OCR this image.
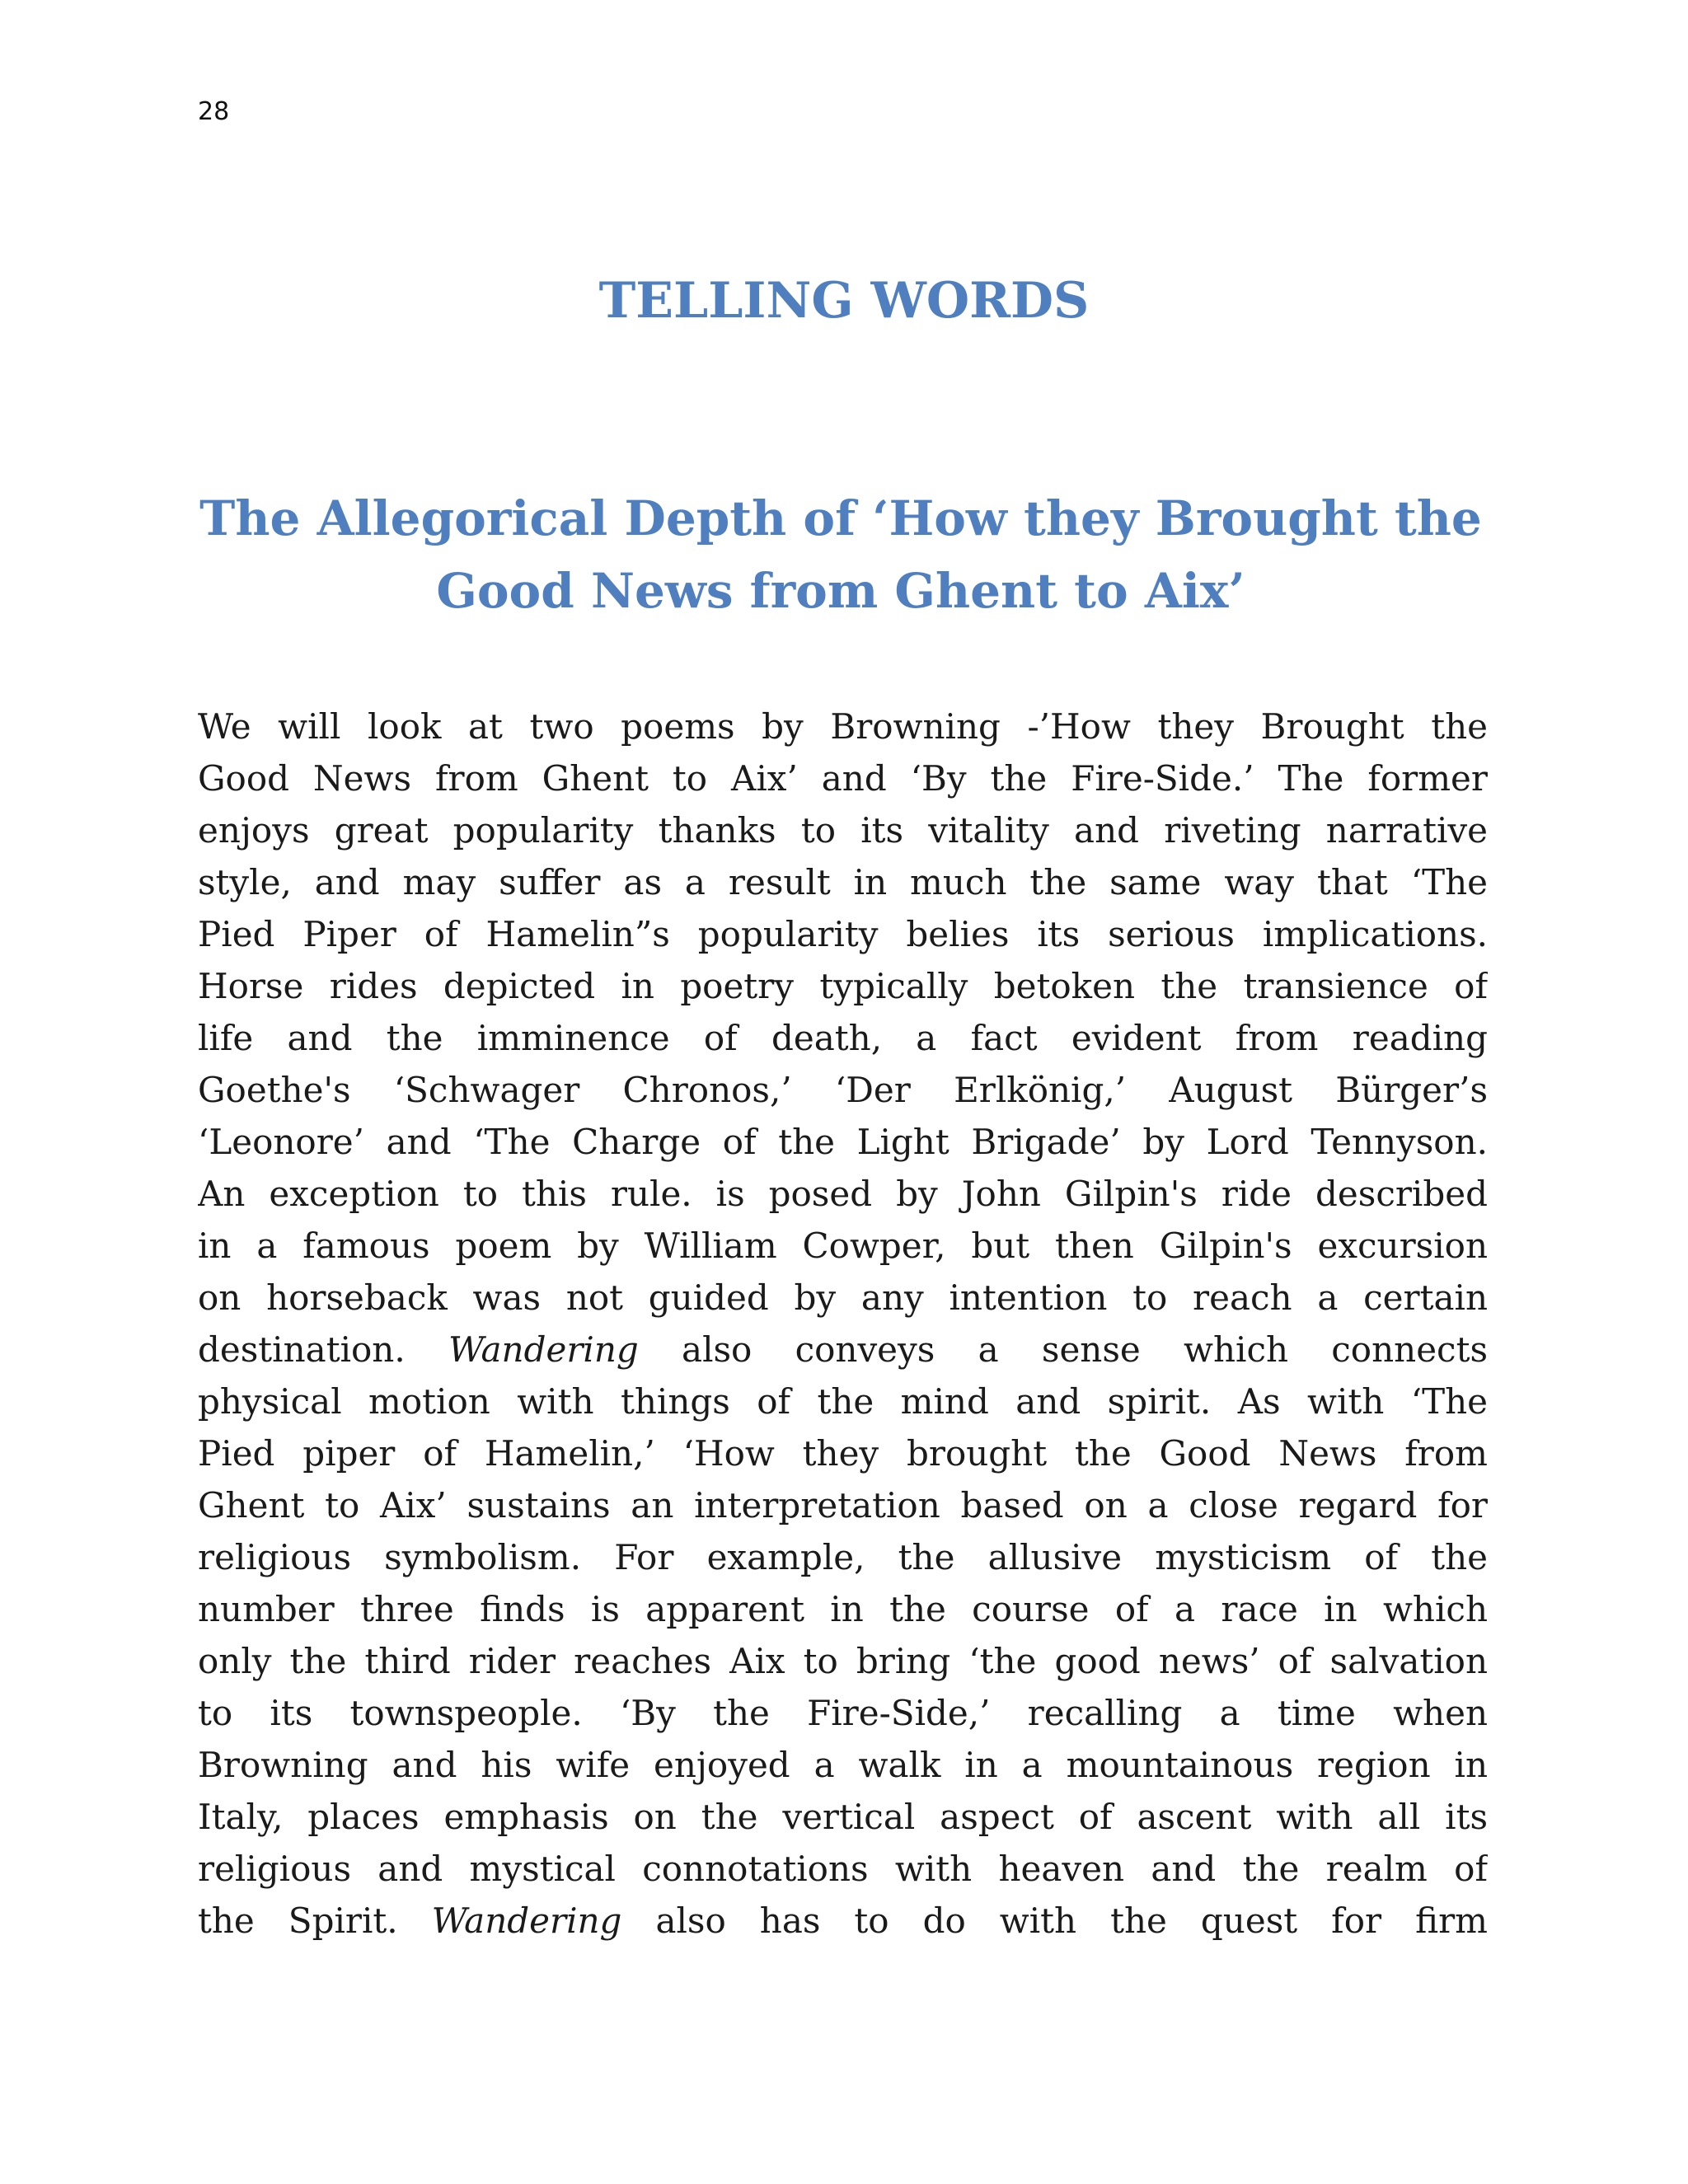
28

TELLING WORDS
The Allegorical Depth of ‘How they Brought the
Good News from Ghent to Aix’
We will look at two poems by Browning -’How they Brought the
Good News from Ghent to Aix’ and ‘By the Fire-Side.’ The former
enjoys great popularity thanks to its vitality and riveting narrative
style, and may suffer as a result in much the same way that ‘The
Pied Piper of Hamelin”s popularity belies its serious implications.
Horse rides depicted in poetry typically betoken the transience of
life and the imminence of death, a fact evident from reading
Goethe's ‘Schwager Chronos,’ ‘Der Erlkönig,’ August Bürger’s
‘Leonore’ and ‘The Charge of the Light Brigade’ by Lord Tennyson.
An exception to this rule. is posed by John Gilpin's ride described
in a famous poem by William Cowper, but then Gilpin's excursion
on horseback was not guided by any intention to reach a certain
destination. Wandering also conveys a sense which connects
physical motion with things of the mind and spirit. As with ‘The
Pied piper of Hamelin,’ ‘How they brought the Good News from
Ghent to Aix’ sustains an interpretation based on a close regard for
religious symbolism. For example, the allusive mysticism of the
number three finds is apparent in the course of a race in which
only the third rider reaches Aix to bring ‘the good news’ of salvation
to its townspeople. ‘By the Fire-Side,’ recalling a time when
Browning and his wife enjoyed a walk in a mountainous region in
Italy, places emphasis on the vertical aspect of ascent with all its
religious and mystical connotations with heaven and the realm of
the Spirit. Wandering also has to do with the quest for firm
